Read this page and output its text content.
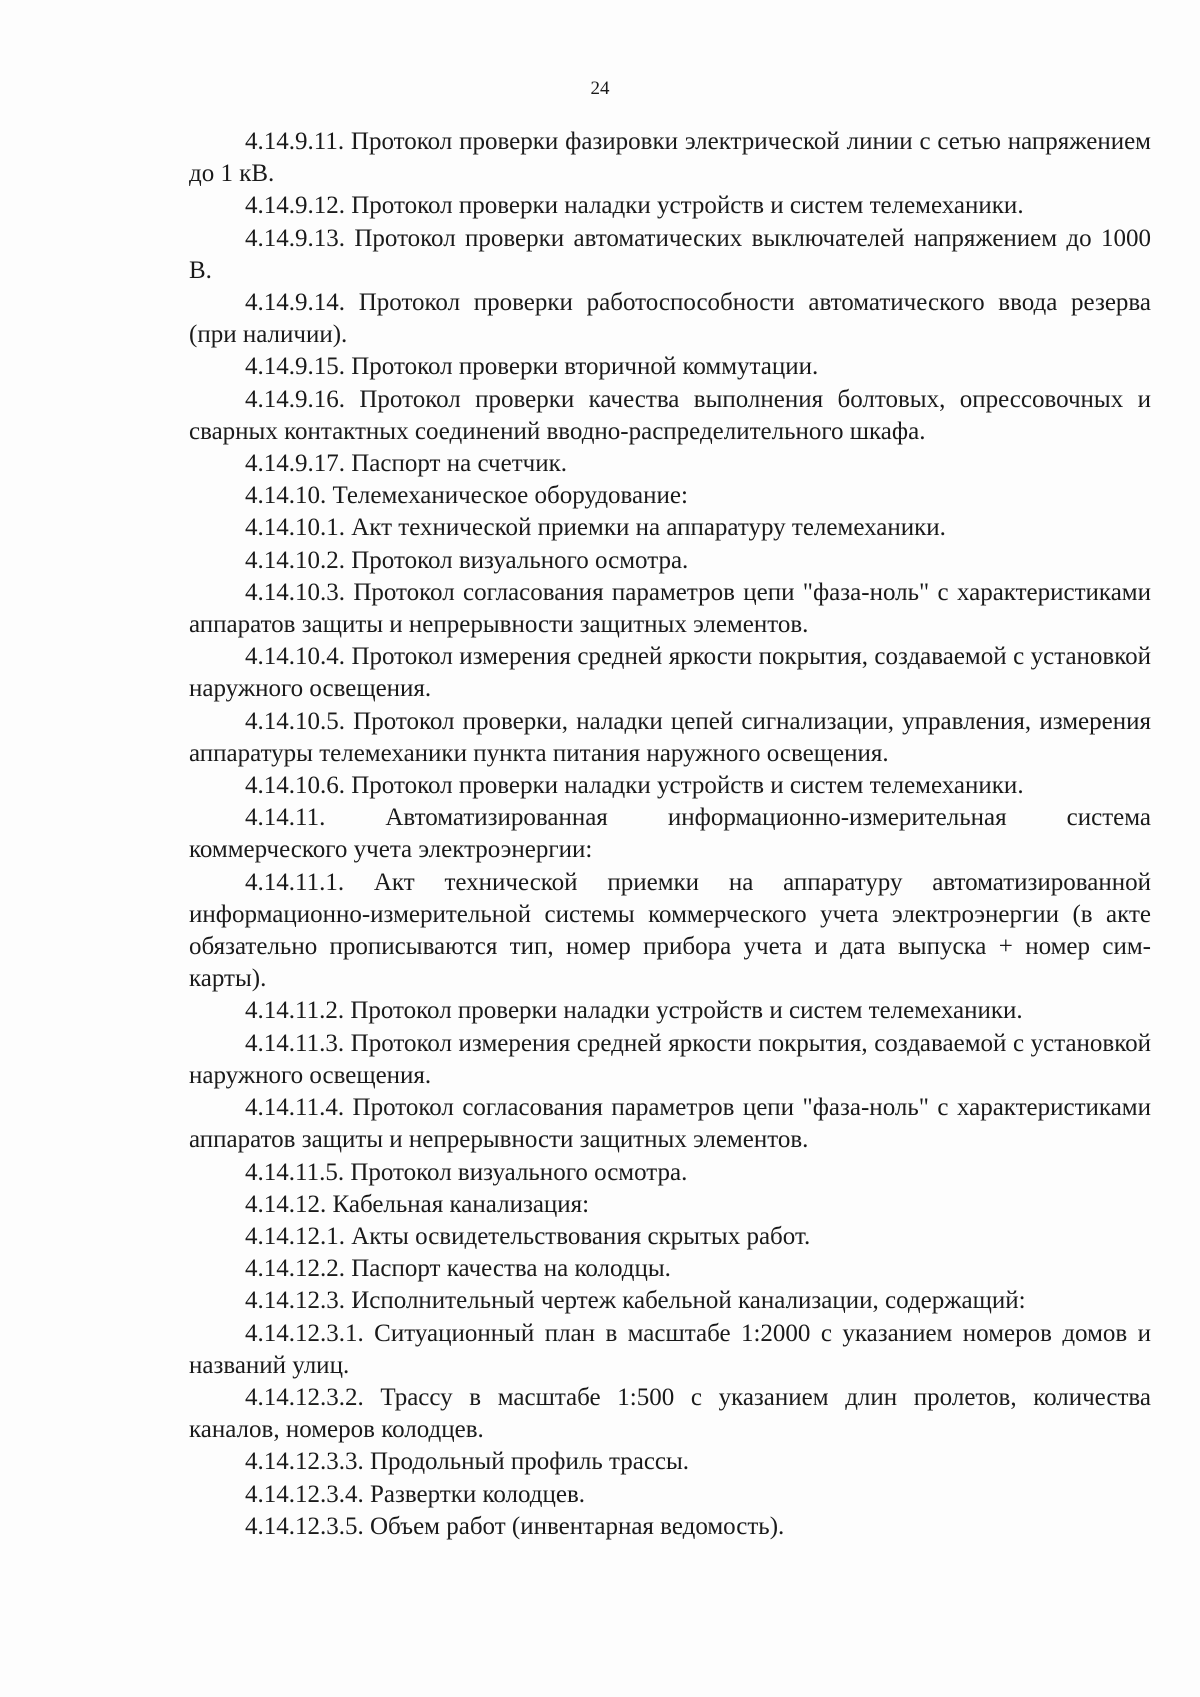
24

4.14.9.11. Протокол проверки фазировки электрической линии с сетью напряжением до 1 кВ.

4.14.9.12. Протокол проверки наладки устройств и систем телемеханики.

4.14.9.13. Протокол проверки автоматических выключателей напряжением до 1000 В.

4.14.9.14. Протокол проверки работоспособности автоматического ввода резерва (при наличии).

4.14.9.15. Протокол проверки вторичной коммутации.

4.14.9.16. Протокол проверки качества выполнения болтовых, опрессовочных и сварных контактных соединений вводно-распределительного шкафа.

4.14.9.17. Паспорт на счетчик.

4.14.10. Телемеханическое оборудование:

4.14.10.1. Акт технической приемки на аппаратуру телемеханики.

4.14.10.2. Протокол визуального осмотра.

4.14.10.3. Протокол согласования параметров цепи "фаза-ноль" с характеристиками аппаратов защиты и непрерывности защитных элементов.

4.14.10.4. Протокол измерения средней яркости покрытия, создаваемой с установкой наружного освещения.

4.14.10.5. Протокол проверки, наладки цепей сигнализации, управления, измерения аппаратуры телемеханики пункта питания наружного освещения.

4.14.10.6. Протокол проверки наладки устройств и систем телемеханики.

4.14.11. Автоматизированная информационно-измерительная система коммерческого учета электроэнергии:

4.14.11.1. Акт технической приемки на аппаратуру автоматизированной информационно-измерительной системы коммерческого учета электроэнергии (в акте обязательно прописываются тип, номер прибора учета и дата выпуска + номер сим-карты).

4.14.11.2. Протокол проверки наладки устройств и систем телемеханики.

4.14.11.3. Протокол измерения средней яркости покрытия, создаваемой с установкой наружного освещения.

4.14.11.4. Протокол согласования параметров цепи "фаза-ноль" с характеристиками аппаратов защиты и непрерывности защитных элементов.

4.14.11.5. Протокол визуального осмотра.

4.14.12. Кабельная канализация:

4.14.12.1. Акты освидетельствования скрытых работ.

4.14.12.2. Паспорт качества на колодцы.

4.14.12.3. Исполнительный чертеж кабельной канализации, содержащий:

4.14.12.3.1. Ситуационный план в масштабе 1:2000 с указанием номеров домов и названий улиц.

4.14.12.3.2. Трассу в масштабе 1:500 с указанием длин пролетов, количества каналов, номеров колодцев.

4.14.12.3.3. Продольный профиль трассы.

4.14.12.3.4. Развертки колодцев.

4.14.12.3.5. Объем работ (инвентарная ведомость).
